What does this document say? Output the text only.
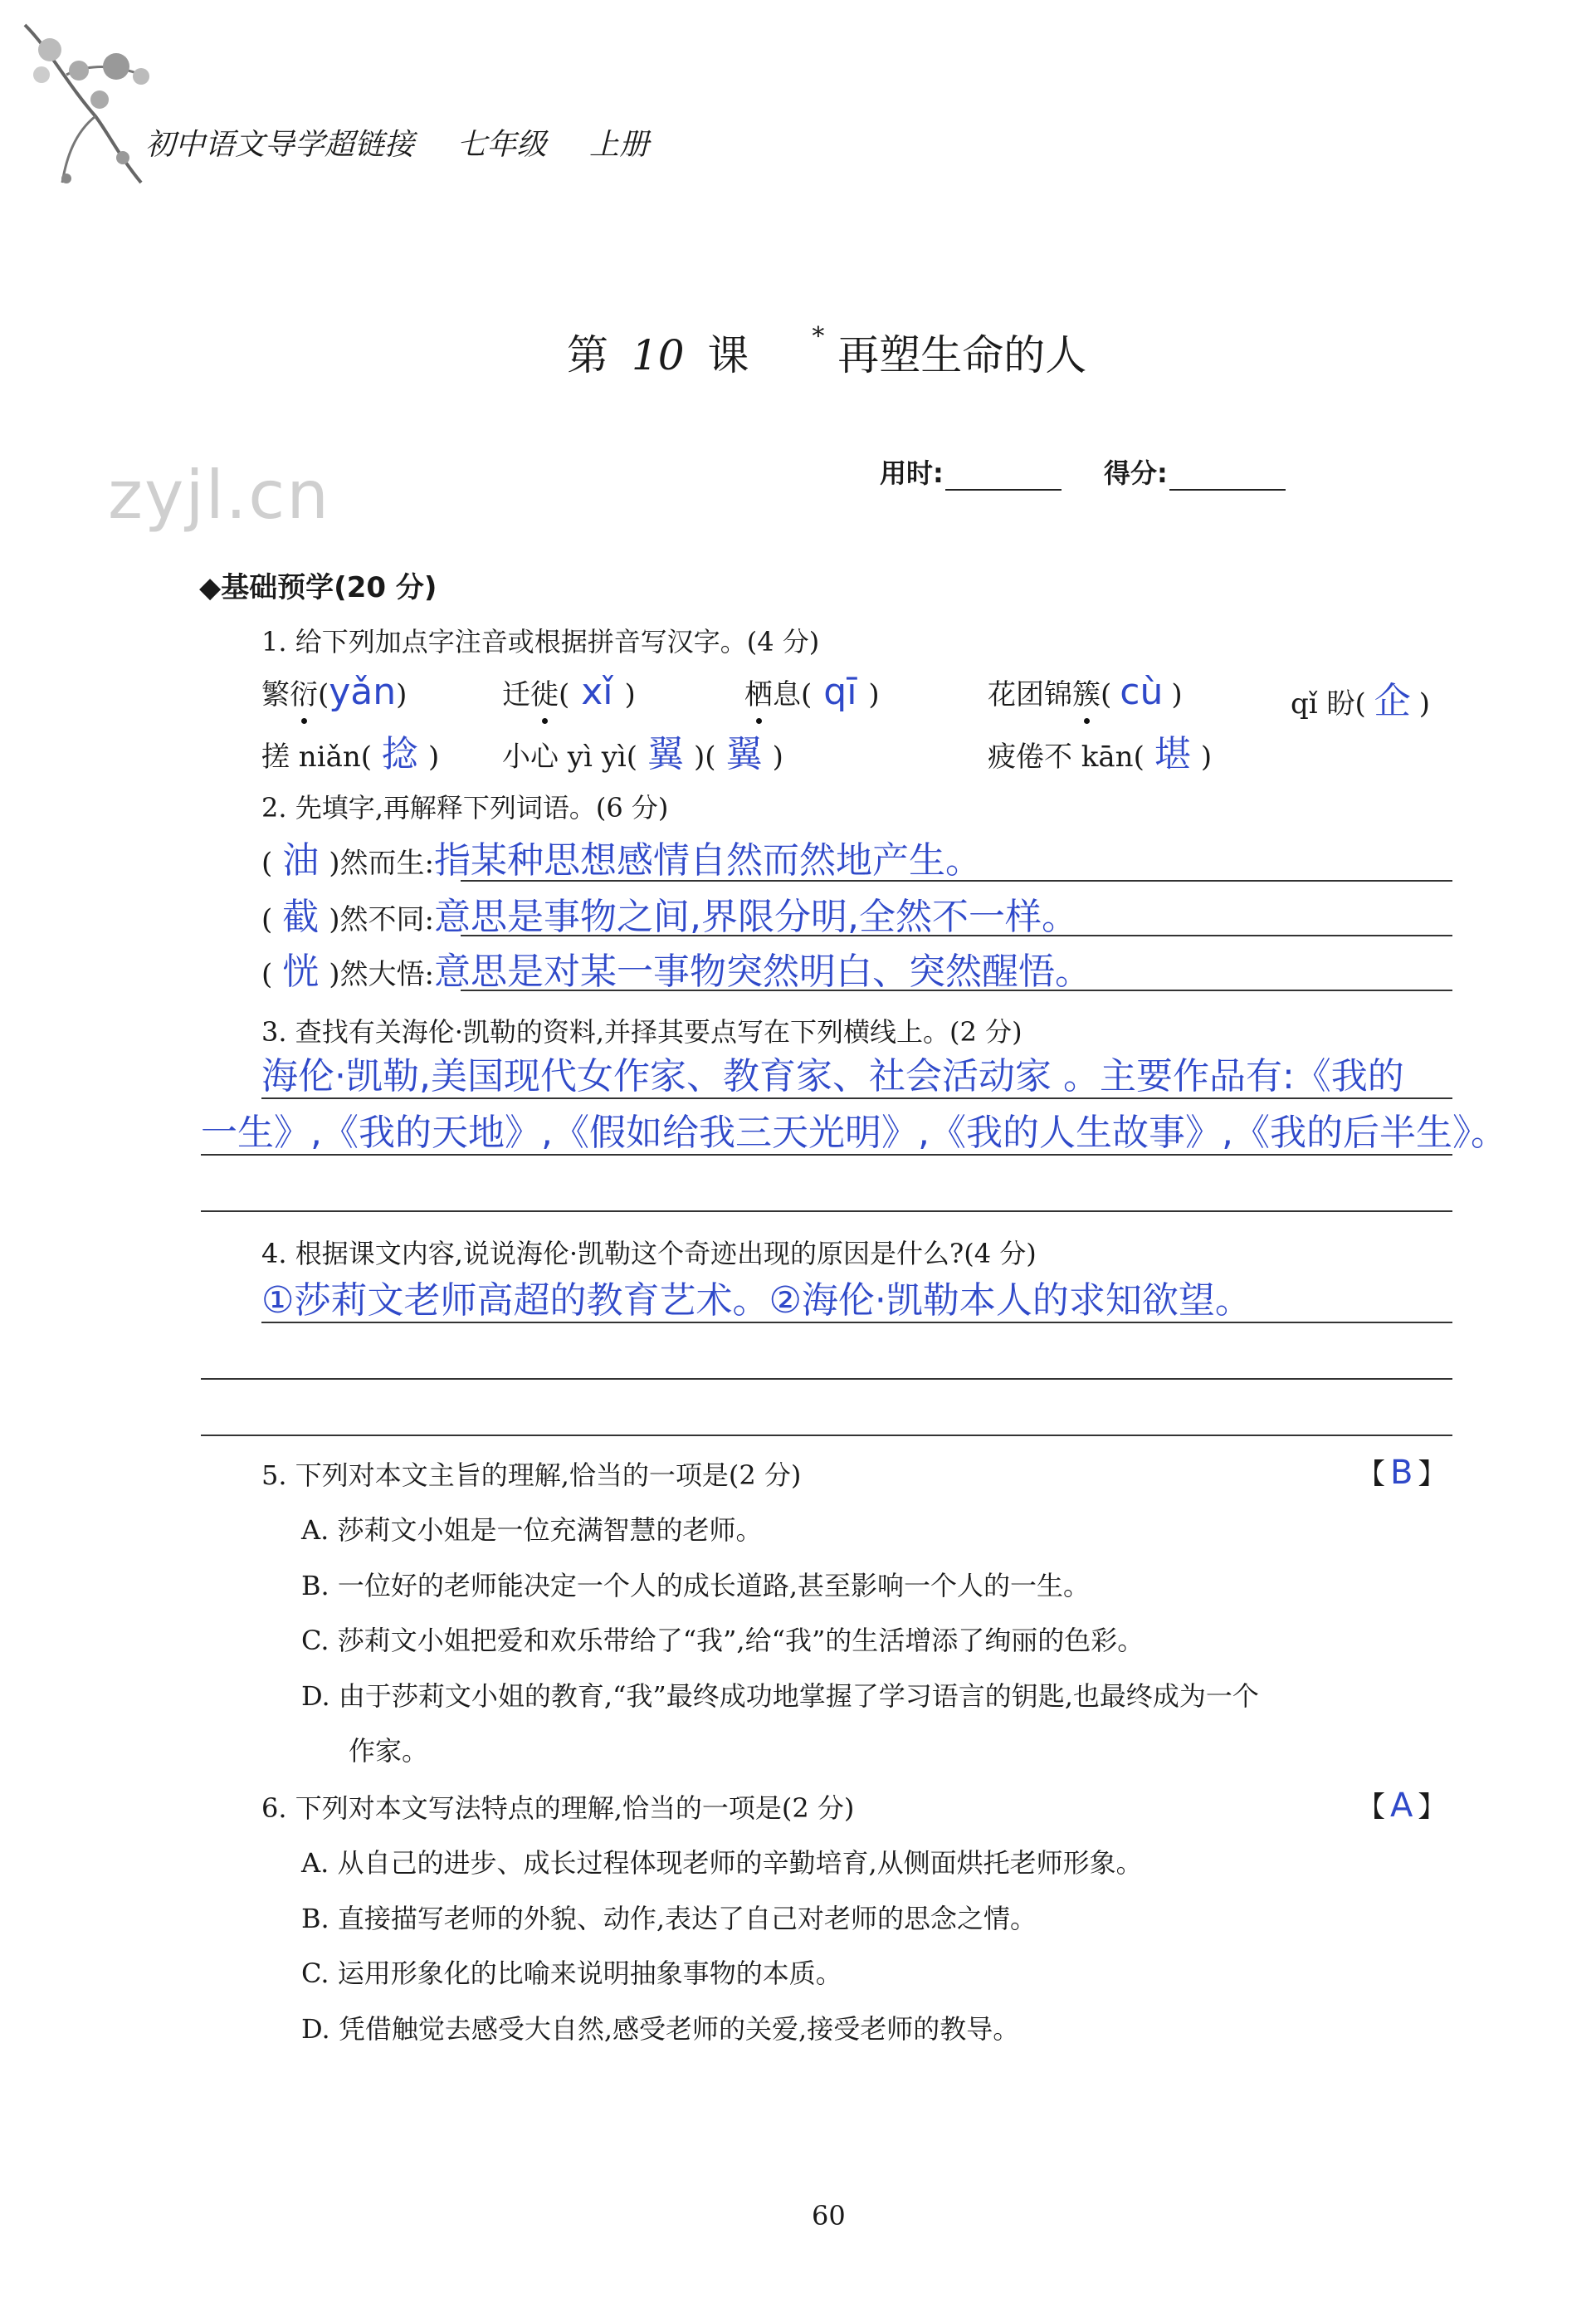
初中语文导学超链接 七年级 上册
第 10 课	* 再塑生命的人
zyjl.cn	用时:	得分:
◆基础预学(20 分)
1. 给下列加点字注音或根据拼音写汉字。(4 分)
繁衍(yǎn)	迁徙( xǐ )	栖息( qī )	花团锦簇( cù )	qǐ 盼( 企 )
搓 niǎn( 捻 ) 小心 yì yì( 翼 )( 翼 )	疲倦不 kān( 堪 )
2. 先填字,再解释下列词语。(6 分)
( 油 )然而生:指某种思想感情自然而然地产生。
( 截 )然不同:意思是事物之间,界限分明,全然不一样。
( 恍 )然大悟:意思是对某一事物突然明白、突然醒悟。
3. 查找有关海伦·凯勒的资料,并择其要点写在下列横线上。(2 分)
海伦·凯勒,美国现代女作家、教育家、社会活动家 。主要作品有:《我的
一生》,《我的天地》,《假如给我三天光明》,《我的人生故事》,《我的后半生》。
4. 根据课文内容,说说海伦·凯勒这个奇迹出现的原因是什么?(4 分)
①莎莉文老师高超的教育艺术。②海伦·凯勒本人的求知欲望。
5. 下列对本文主旨的理解,恰当的一项是(2 分)	【 B 】
A. 莎莉文小姐是一位充满智慧的老师。
B. 一位好的老师能决定一个人的成长道路,甚至影响一个人的一生。
C. 莎莉文小姐把爱和欢乐带给了“我”,给“我”的生活增添了绚丽的色彩。
D. 由于莎莉文小姐的教育,“我”最终成功地掌握了学习语言的钥匙,也最终成为一个
作家。
6. 下列对本文写法特点的理解,恰当的一项是(2 分)	【 A 】
A. 从自己的进步、成长过程体现老师的辛勤培育,从侧面烘托老师形象。
B. 直接描写老师的外貌、动作,表达了自己对老师的思念之情。
C. 运用形象化的比喻来说明抽象事物的本质。
D. 凭借触觉去感受大自然,感受老师的关爱,接受老师的教导。
60
